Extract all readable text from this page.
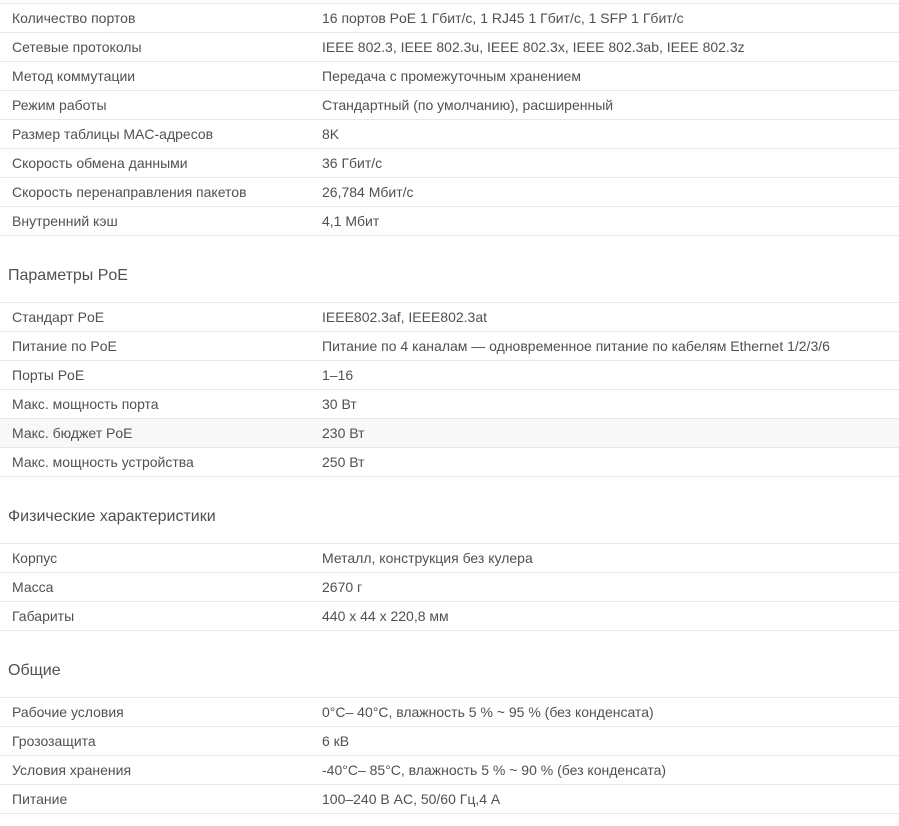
Количество портов	16 портов PoE 1 Гбит/с, 1 RJ45 1 Гбит/с, 1 SFP 1 Гбит/с
Сетевые протоколы	IEEE 802.3, IEEE 802.3u, IEEE 802.3x, IEEE 802.3ab, IEEE 802.3z
Метод коммутации	Передача с промежуточным хранением
Режим работы	Стандартный (по умолчанию), расширенный
Размер таблицы MAC-адресов	8K
Скорость обмена данными	36 Гбит/с
Скорость перенаправления пакетов	26,784 Мбит/с
Внутренний кэш	4,1 Мбит
Параметры PoE
Стандарт PoE	IEEE802.3af, IEEE802.3at
Питание по PoE	Питание по 4 каналам — одновременное питание по кабелям Ethernet 1/2/3/6
Порты PoE	1–16
Макс. мощность порта	30 Вт
Макс. бюджет PoE	230 Вт
Макс. мощность устройства	250 Вт
Физические характеристики
Корпус	Металл, конструкция без кулера
Масса	2670 г
Габариты	440 x 44 x 220,8 мм
Общие
Рабочие условия	0°C– 40°C, влажность 5 % ~ 95 % (без конденсата)
Грозозащита	6 кВ
Условия хранения	-40°C– 85°C, влажность 5 % ~ 90 % (без конденсата)
Питание	100–240 В AC, 50/60 Гц,4 А
